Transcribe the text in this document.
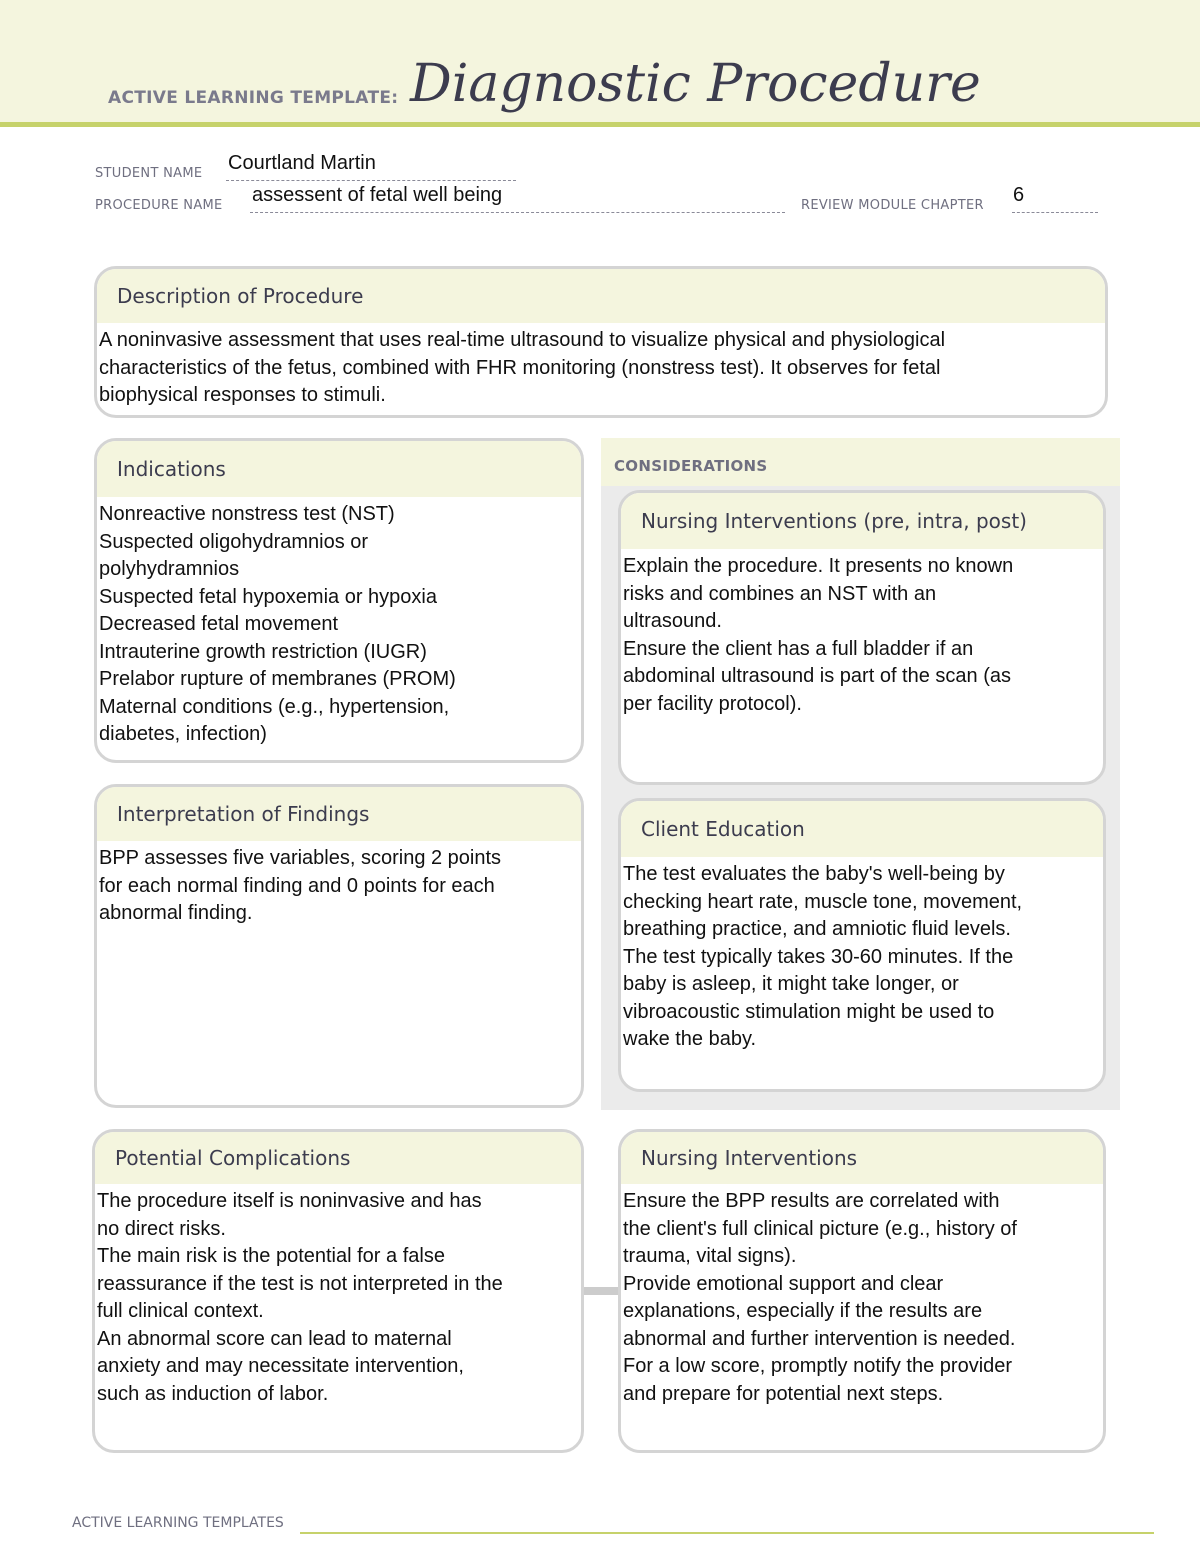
ACTIVE LEARNING TEMPLATE: Diagnostic Procedure
STUDENT NAME Courtland Martin
PROCEDURE NAME assessent of fetal well being	REVIEW MODULE CHAPTER 6
Description of Procedure
A noninvasive assessment that uses real-time ultrasound to visualize physical and physiological
characteristics of the fetus, combined with FHR monitoring (nonstress test). It observes for fetal
biophysical responses to stimuli.
CONSIDERATIONS
Indications
Nonreactive nonstress test (NST)
Suspected oligohydramnios or
polyhydramnios
Suspected fetal hypoxemia or hypoxia
Decreased fetal movement
Intrauterine growth restriction (IUGR)
Prelabor rupture of membranes (PROM)
Maternal conditions (e.g., hypertension,
diabetes, infection)
Nursing Interventions (pre, intra, post)
Explain the procedure. It presents no known
risks and combines an NST with an
ultrasound.
Ensure the client has a full bladder if an
abdominal ultrasound is part of the scan (as
per facility protocol).
Interpretation of Findings
BPP assesses five variables, scoring 2 points
for each normal finding and 0 points for each
abnormal finding.
Client Education
The test evaluates the baby's well-being by
checking heart rate, muscle tone, movement,
breathing practice, and amniotic fluid levels.
The test typically takes 30-60 minutes. If the
baby is asleep, it might take longer, or
vibroacoustic stimulation might be used to
wake the baby.
Potential Complications
The procedure itself is noninvasive and has
no direct risks.
The main risk is the potential for a false
reassurance if the test is not interpreted in the
full clinical context.
An abnormal score can lead to maternal
anxiety and may necessitate intervention,
such as induction of labor.
Nursing Interventions
Ensure the BPP results are correlated with
the client's full clinical picture (e.g., history of
trauma, vital signs).
Provide emotional support and clear
explanations, especially if the results are
abnormal and further intervention is needed.
For a low score, promptly notify the provider
and prepare for potential next steps.
ACTIVE LEARNING TEMPLATES
